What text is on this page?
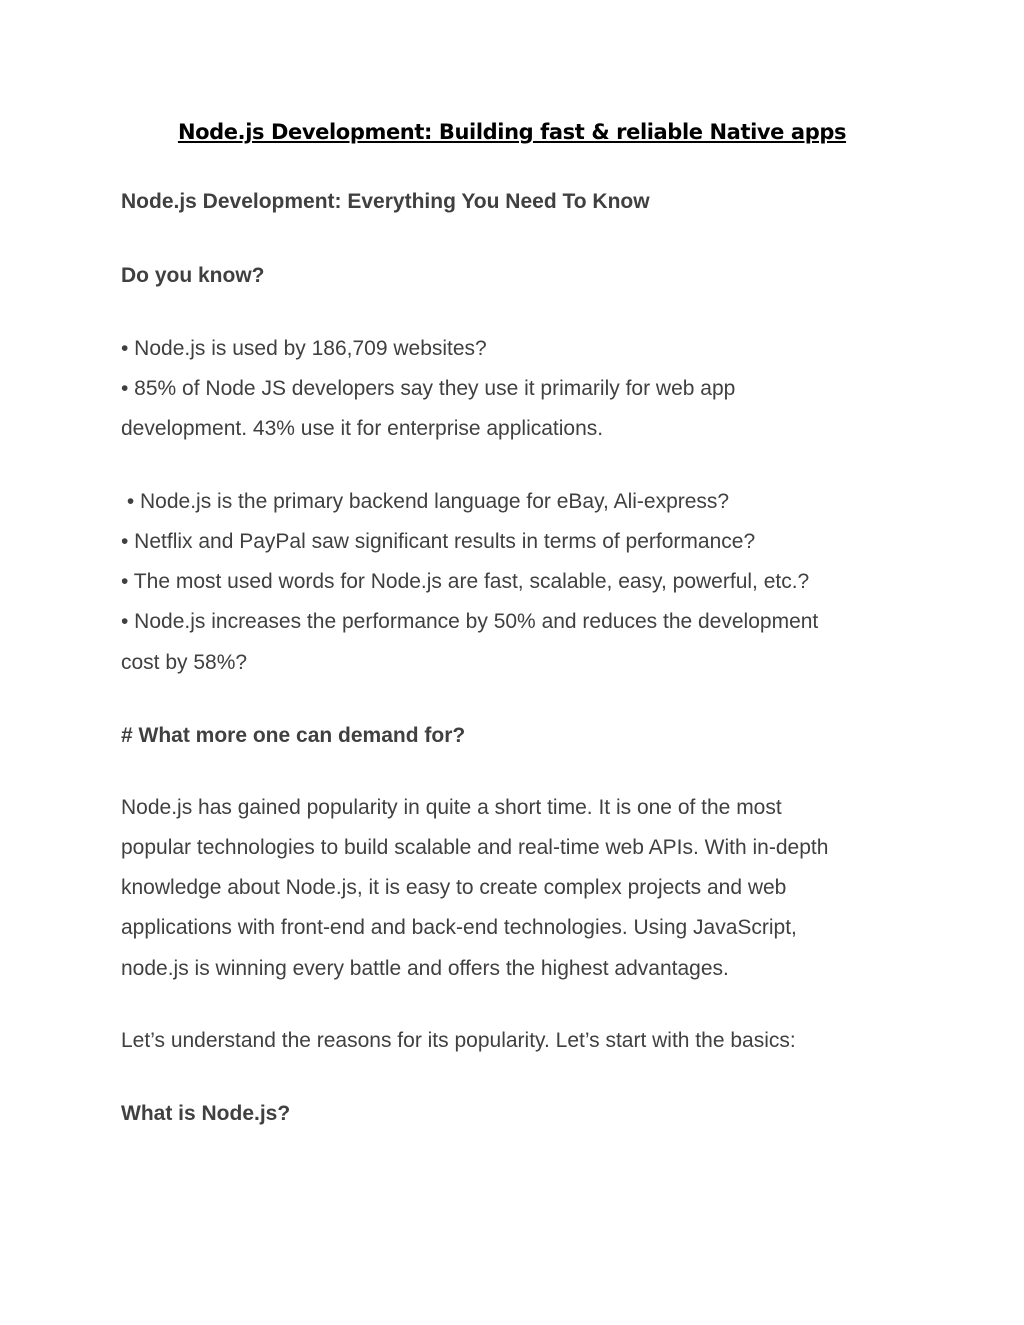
Node.js Development: Building fast & reliable Native apps
Node.js Development: Everything You Need To Know
Do you know?
• Node.js is used by 186,709 websites?
• 85% of Node JS developers say they use it primarily for web app
development. 43% use it for enterprise applications.
• Node.js is the primary backend language for eBay, Ali-express?
• Netflix and PayPal saw significant results in terms of performance?
• The most used words for Node.js are fast, scalable, easy, powerful, etc.?
• Node.js increases the performance by 50% and reduces the development
cost by 58%?
# What more one can demand for?
Node.js has gained popularity in quite a short time. It is one of the most
popular technologies to build scalable and real-time web APIs. With in-depth
knowledge about Node.js, it is easy to create complex projects and web
applications with front-end and back-end technologies. Using JavaScript,
node.js is winning every battle and offers the highest advantages.
Let’s understand the reasons for its popularity. Let’s start with the basics:
What is Node.js?
